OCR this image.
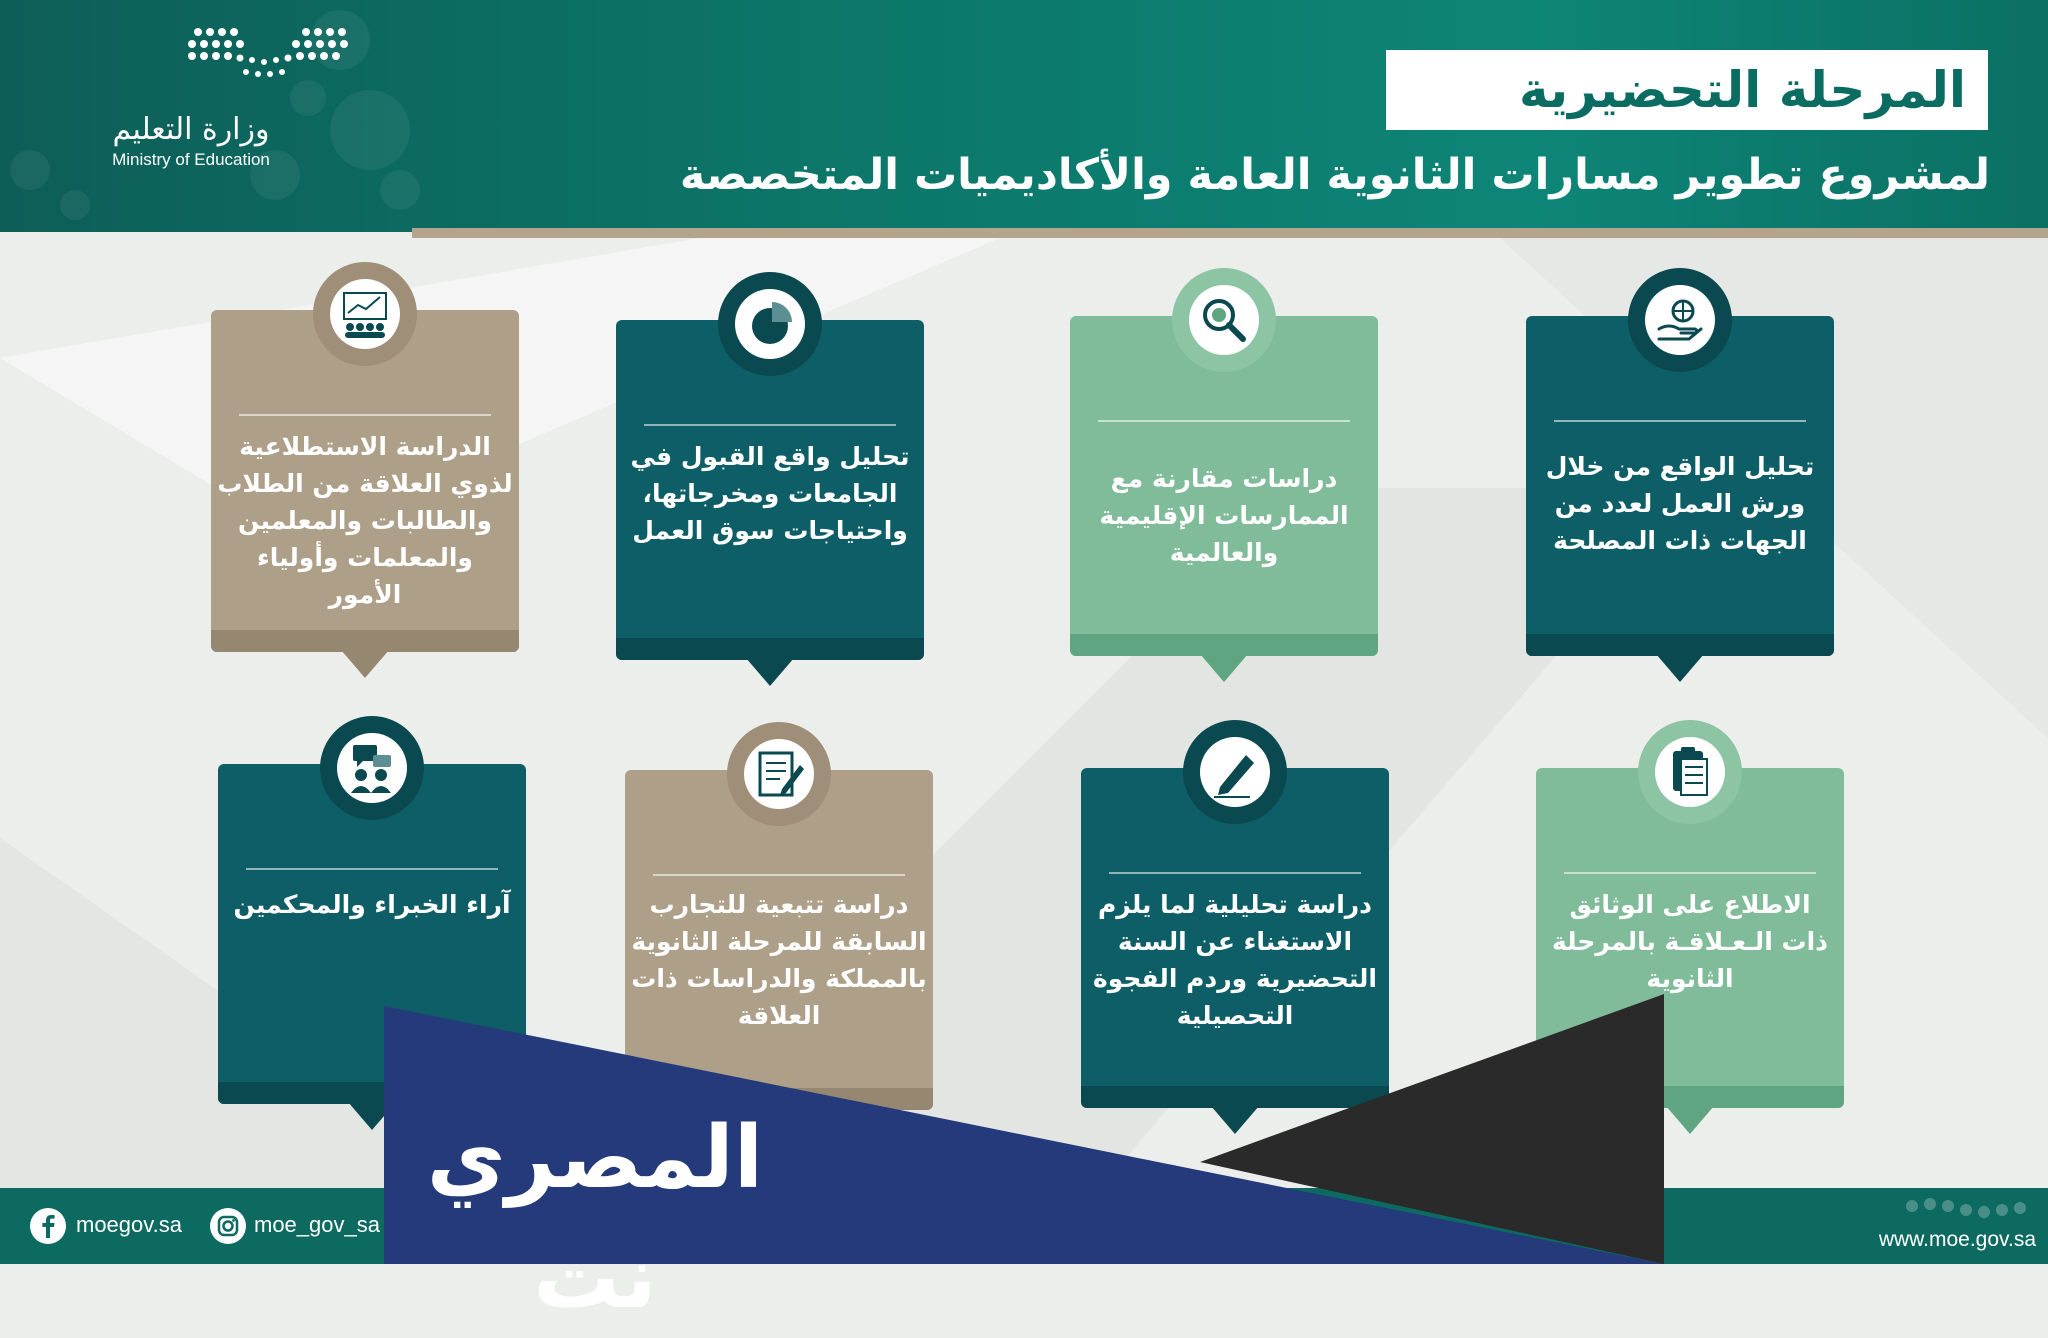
وزارة التعليم
Ministry of Education
المرحلة التحضيرية
لمشروع تطوير مسارات الثانوية العامة والأكاديميات المتخصصة
تحليل الواقع من خلال ورش العمل لعدد من الجهات ذات المصلحة
دراسات مقارنة مع الممارسات الإقليمية والعالمية
تحليل واقع القبول في الجامعات ومخرجاتها، واحتياجات سوق العمل
الدراسة الاستطلاعية لذوي العلاقة من الطلاب والطالبات والمعلمين والمعلمات وأولياء الأمور
الاطلاع على الوثائق ذات الـعـلاقـة بالمرحلة الثانوية
دراسة تحليلية لما يلزم الاستغناء عن السنة التحضيرية وردم الفجوة التحصيلية
دراسة تتبعية للتجارب السابقة للمرحلة الثانوية بالمملكة والدراسات ذات العلاقة
آراء الخبراء والمحكمين
moegov.sa	moe_gov_sa
www.moe.gov.sa
المصري نت
